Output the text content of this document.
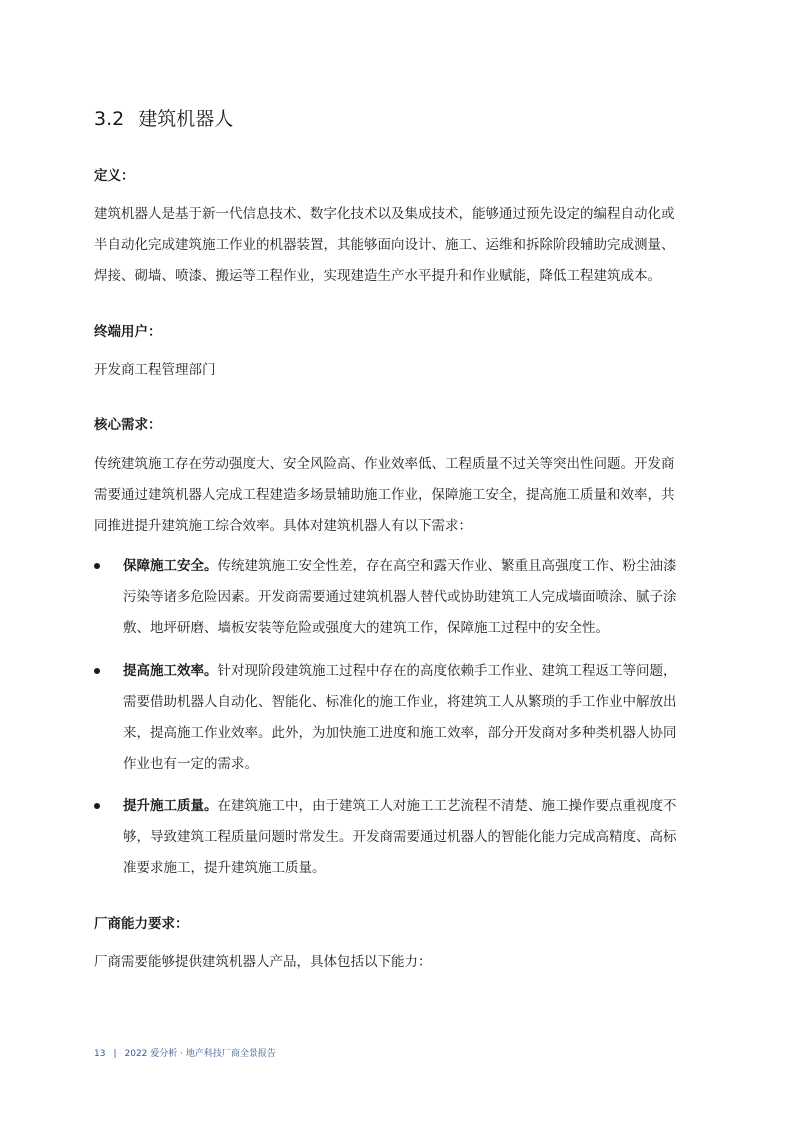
3.2 建筑机器人
定义：
建筑机器人是基于新一代信息技术、数字化技术以及集成技术，能够通过预先设定的编程自动化或
半自动化完成建筑施工作业的机器装置，其能够面向设计、施工、运维和拆除阶段辅助完成测量、
焊接、砌墙、喷漆、搬运等工程作业，实现建造生产水平提升和作业赋能，降低工程建筑成本。
终端用户：
开发商工程管理部门
核心需求：
传统建筑施工存在劳动强度大、安全风险高、作业效率低、工程质量不过关等突出性问题。开发商
需要通过建筑机器人完成工程建造多场景辅助施工作业，保障施工安全，提高施工质量和效率，共
同推进提升建筑施工综合效率。具体对建筑机器人有以下需求：
保障施工安全。传统建筑施工安全性差，存在高空和露天作业、繁重且高强度工作、粉尘油漆
污染等诸多危险因素。开发商需要通过建筑机器人替代或协助建筑工人完成墙面喷涂、腻子涂
敷、地坪研磨、墙板安装等危险或强度大的建筑工作，保障施工过程中的安全性。
提高施工效率。针对现阶段建筑施工过程中存在的高度依赖手工作业、建筑工程返工等问题，
需要借助机器人自动化、智能化、标准化的施工作业，将建筑工人从繁琐的手工作业中解放出
来，提高施工作业效率。此外，为加快施工进度和施工效率，部分开发商对多种类机器人协同
作业也有一定的需求。
提升施工质量。在建筑施工中，由于建筑工人对施工工艺流程不清楚、施工操作要点重视度不
够，导致建筑工程质量问题时常发生。开发商需要通过机器人的智能化能力完成高精度、高标
准要求施工，提升建筑施工质量。
厂商能力要求：
厂商需要能够提供建筑机器人产品，具体包括以下能力：
13 | 2022 爱分析 · 地产科技厂商全景报告
